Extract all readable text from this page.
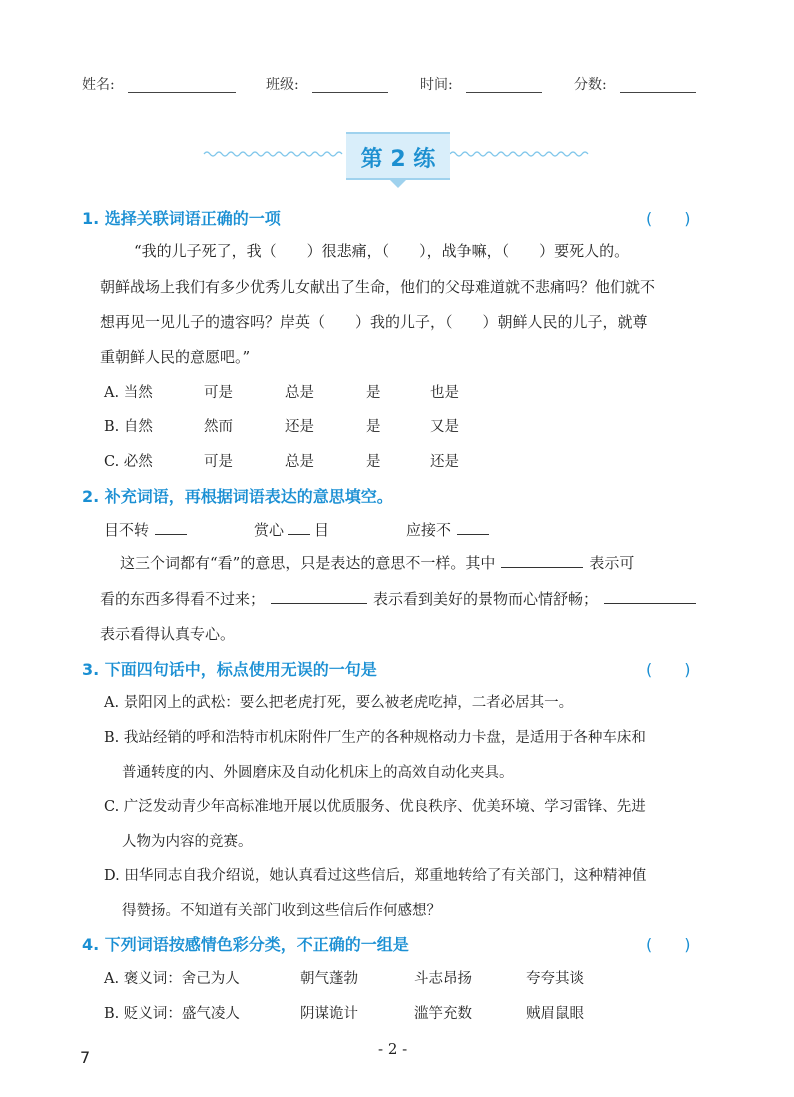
姓名:	班级:	时间:	分数:
第 2 练
1. 选择关联词语正确的一项	(　　)
“我的儿子死了，我（　　）很悲痛，（　　），战争嘛，（　　）要死人的。
朝鲜战场上我们有多少优秀儿女献出了生命，他们的父母难道就不悲痛吗？他们就不
想再见一见儿子的遗容吗？岸英（　　）我的儿子，（　　）朝鲜人民的儿子，就尊
重朝鲜人民的意愿吧。”
A. 当然	可是	总是	是	也是
B. 自然	然而	还是	是	又是
C. 必然	可是	总是	是	还是
2. 补充词语，再根据词语表达的意思填空。
目不转	赏心 目	应接不
这三个词都有“看”的意思，只是表达的意思不一样。其中	表示可
看的东西多得看不过来；	表示看到美好的景物而心情舒畅；
表示看得认真专心。
3. 下面四句话中，标点使用无误的一句是	(　　)
A. 景阳冈上的武松：要么把老虎打死，要么被老虎吃掉，二者必居其一。
B. 我站经销的呼和浩特市机床附件厂生产的各种规格动力卡盘，是适用于各种车床和
普通转度的内、外圆磨床及自动化机床上的高效自动化夹具。
C. 广泛发动青少年高标准地开展以优质服务、优良秩序、优美环境、学习雷锋、先进
人物为内容的竞赛。
D. 田华同志自我介绍说，她认真看过这些信后，郑重地转给了有关部门，这种精神值
得赞扬。不知道有关部门收到这些信后作何感想？
4. 下列词语按感情色彩分类，不正确的一组是	(　　)
A. 褒义词：舍己为人	朝气蓬勃	斗志昂扬	夸夸其谈
B. 贬义词：盛气凌人	阴谋诡计	滥竽充数	贼眉鼠眼
- 2 -
7
